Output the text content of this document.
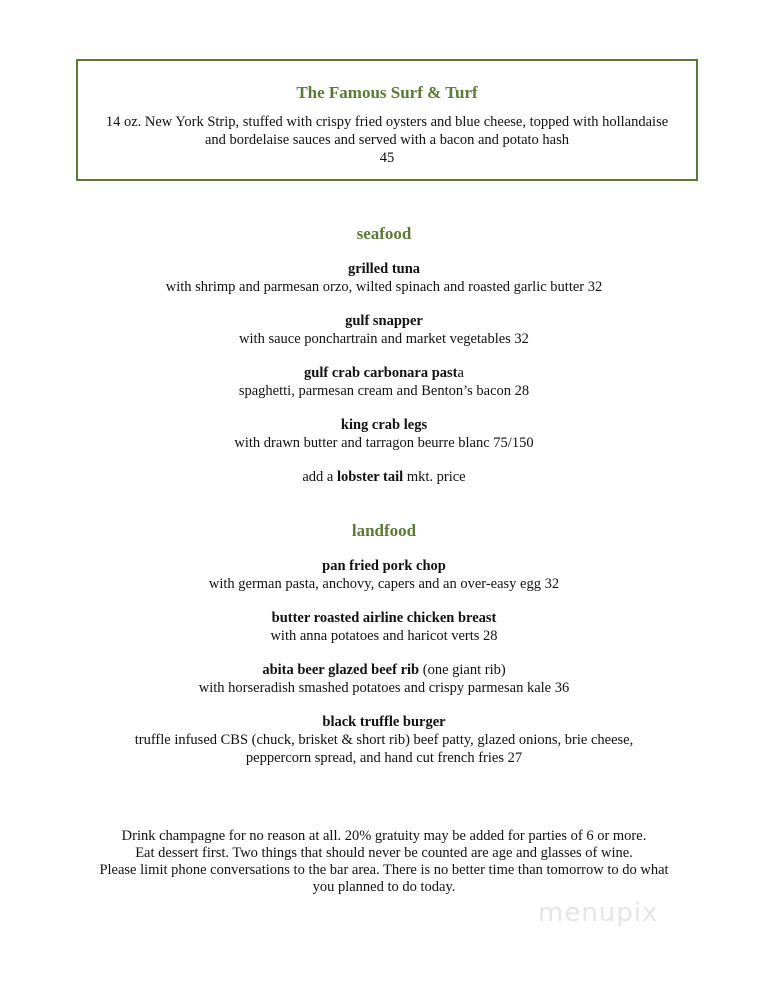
The Famous Surf & Turf
14 oz. New York Strip, stuffed with crispy fried oysters and blue cheese, topped with hollandaise
and bordelaise sauces and served with a bacon and potato hash
45
seafood
grilled tuna
with shrimp and parmesan orzo, wilted spinach and roasted garlic butter 32
gulf snapper
with sauce ponchartrain and market vegetables 32
gulf crab carbonara pasta
spaghetti, parmesan cream and Benton’s bacon 28
king crab legs
with drawn butter and tarragon beurre blanc 75/150
add a lobster tail mkt. price
landfood
pan fried pork chop
with german pasta, anchovy, capers and an over-easy egg 32
butter roasted airline chicken breast
with anna potatoes and haricot verts 28
abita beer glazed beef rib (one giant rib)
with horseradish smashed potatoes and crispy parmesan kale 36
black truffle burger
truffle infused CBS (chuck, brisket & short rib) beef patty, glazed onions, brie cheese,
peppercorn spread, and hand cut french fries 27
Drink champagne for no reason at all. 20% gratuity may be added for parties of 6 or more.
Eat dessert first. Two things that should never be counted are age and glasses of wine.
Please limit phone conversations to the bar area. There is no better time than tomorrow to do what
you planned to do today.
menupix
